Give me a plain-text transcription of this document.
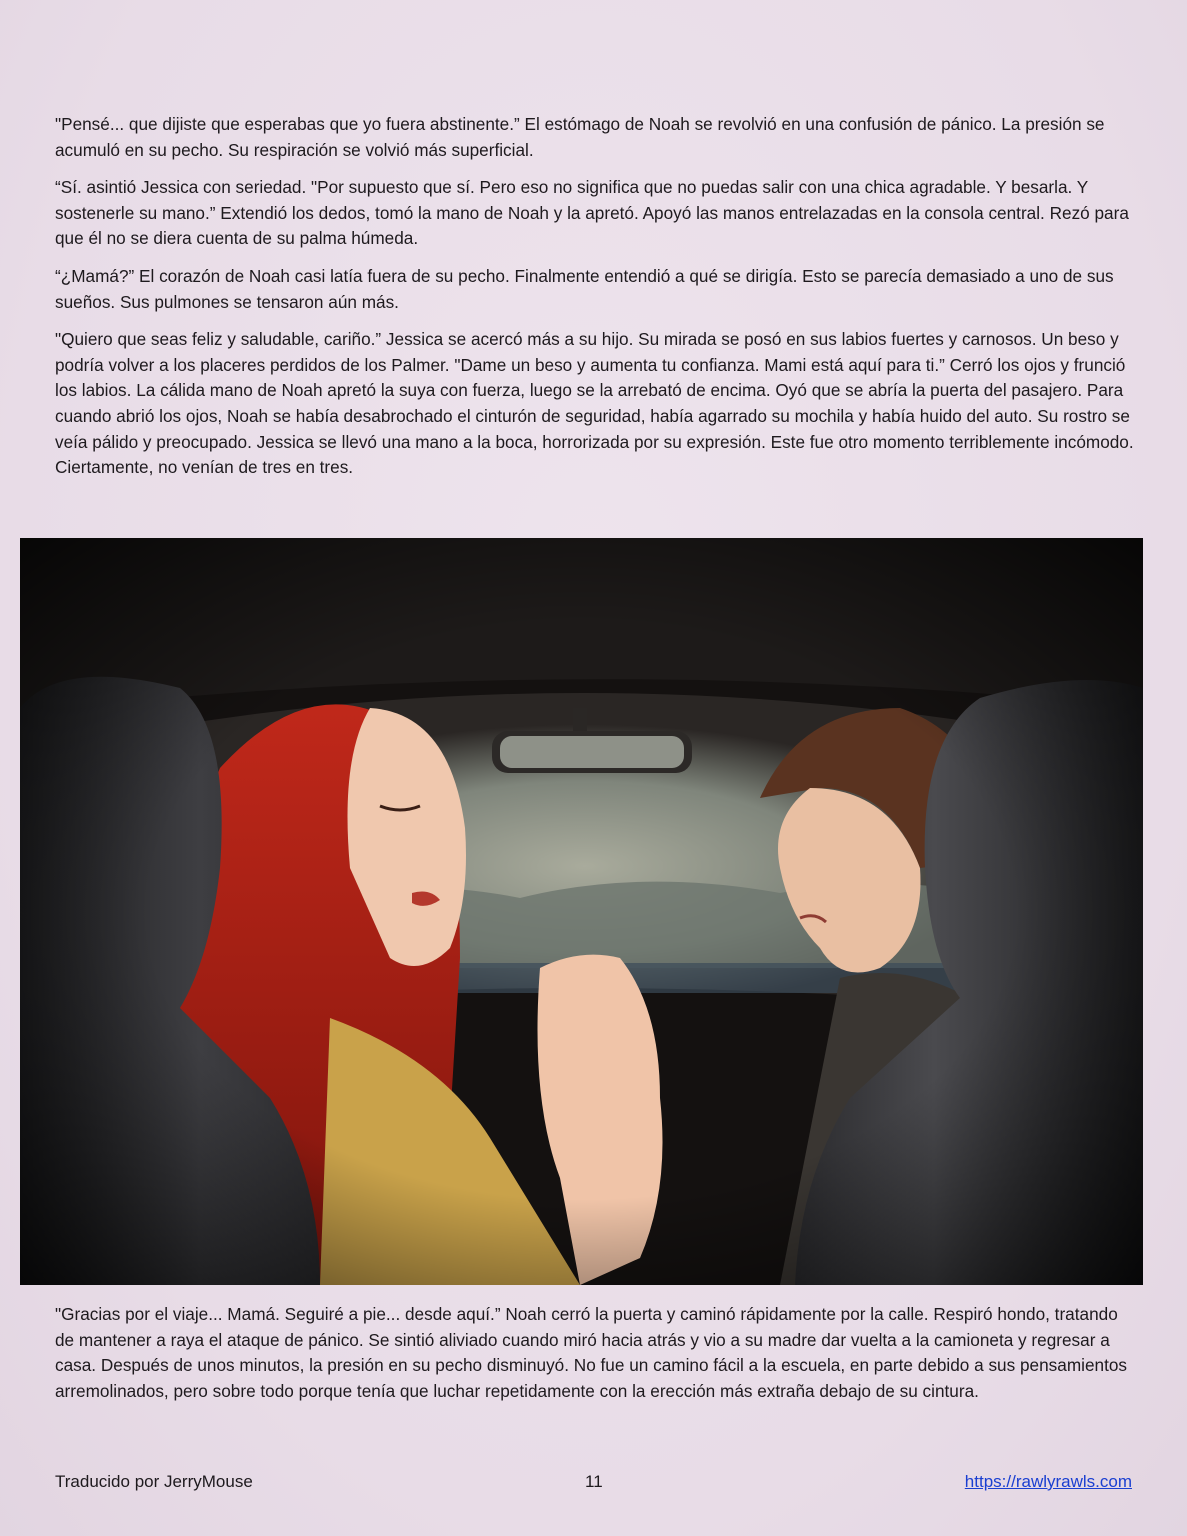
"Pensé... que dijiste que esperabas que yo fuera abstinente.” El estómago de Noah se revolvió en una confusión de pánico. La presión se acumuló en su pecho. Su respiración se volvió más superficial.

“Sí. asintió Jessica con seriedad. "Por supuesto que sí. Pero eso no significa que no puedas salir con una chica agradable. Y besarla. Y sostenerle su mano.” Extendió los dedos, tomó la mano de Noah y la apretó. Apoyó las manos entrelazadas en la consola central. Rezó para que él no se diera cuenta de su palma húmeda.

“¿Mamá?” El corazón de Noah casi latía fuera de su pecho. Finalmente entendió a qué se dirigía. Esto se parecía demasiado a uno de sus sueños. Sus pulmones se tensaron aún más.

"Quiero que seas feliz y saludable, cariño.” Jessica se acercó más a su hijo. Su mirada se posó en sus labios fuertes y carnosos. Un beso y podría volver a los placeres perdidos de los Palmer. "Dame un beso y aumenta tu confianza. Mami está aquí para ti.” Cerró los ojos y frunció los labios. La cálida mano de Noah apretó la suya con fuerza, luego se la arrebató de encima. Oyó que se abría la puerta del pasajero. Para cuando abrió los ojos, Noah se había desabrochado el cinturón de seguridad, había agarrado su mochila y había huido del auto. Su rostro se veía pálido y preocupado. Jessica se llevó una mano a la boca, horrorizada por su expresión. Este fue otro momento terriblemente incómodo. Ciertamente, no venían de tres en tres.

"Gracias por el viaje... Mamá. Seguiré a pie... desde aquí.” Noah cerró la puerta y caminó rápidamente por la calle. Respiró hondo, tratando de mantener a raya el ataque de pánico. Se sintió aliviado cuando miró hacia atrás y vio a su madre dar vuelta a la camioneta y regresar a casa. Después de unos minutos, la presión en su pecho disminuyó. No fue un camino fácil a la escuela, en parte debido a sus pensamientos arremolinados, pero sobre todo porque tenía que luchar repetidamente con la erección más extraña debajo de su cintura.

Traducido por JerryMouse	11	https://rawlyrawls.com
